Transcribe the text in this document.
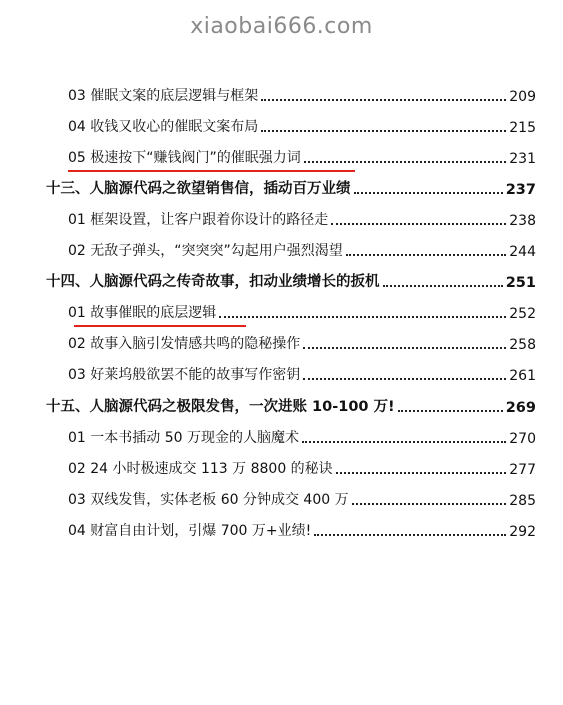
xiaobai666.com
03 催眠文案的底层逻辑与框架	209
04 收钱又收心的催眠文案布局	215
05 极速按下“赚钱阀门”的催眠强力词	231
十三、人脑源代码之欲望销售信，插动百万业绩	237
01 框架设置，让客户跟着你设计的路径走	238
02 无敌子弹头，“突突突”勾起用户强烈渴望	244
十四、人脑源代码之传奇故事，扣动业绩增长的扳机	251
01 故事催眠的底层逻辑	252
02 故事入脑引发情感共鸣的隐秘操作	258
03 好莱坞般欲罢不能的故事写作密钥	261
十五、人脑源代码之极限发售，一次进账 10-100 万!	269
01 一本书插动 50 万现金的人脑魔术	270
02 24 小时极速成交 113 万 8800 的秘诀	277
03 双线发售，实体老板 60 分钟成交 400 万	285
04 财富自由计划，引爆 700 万+业绩!	292
